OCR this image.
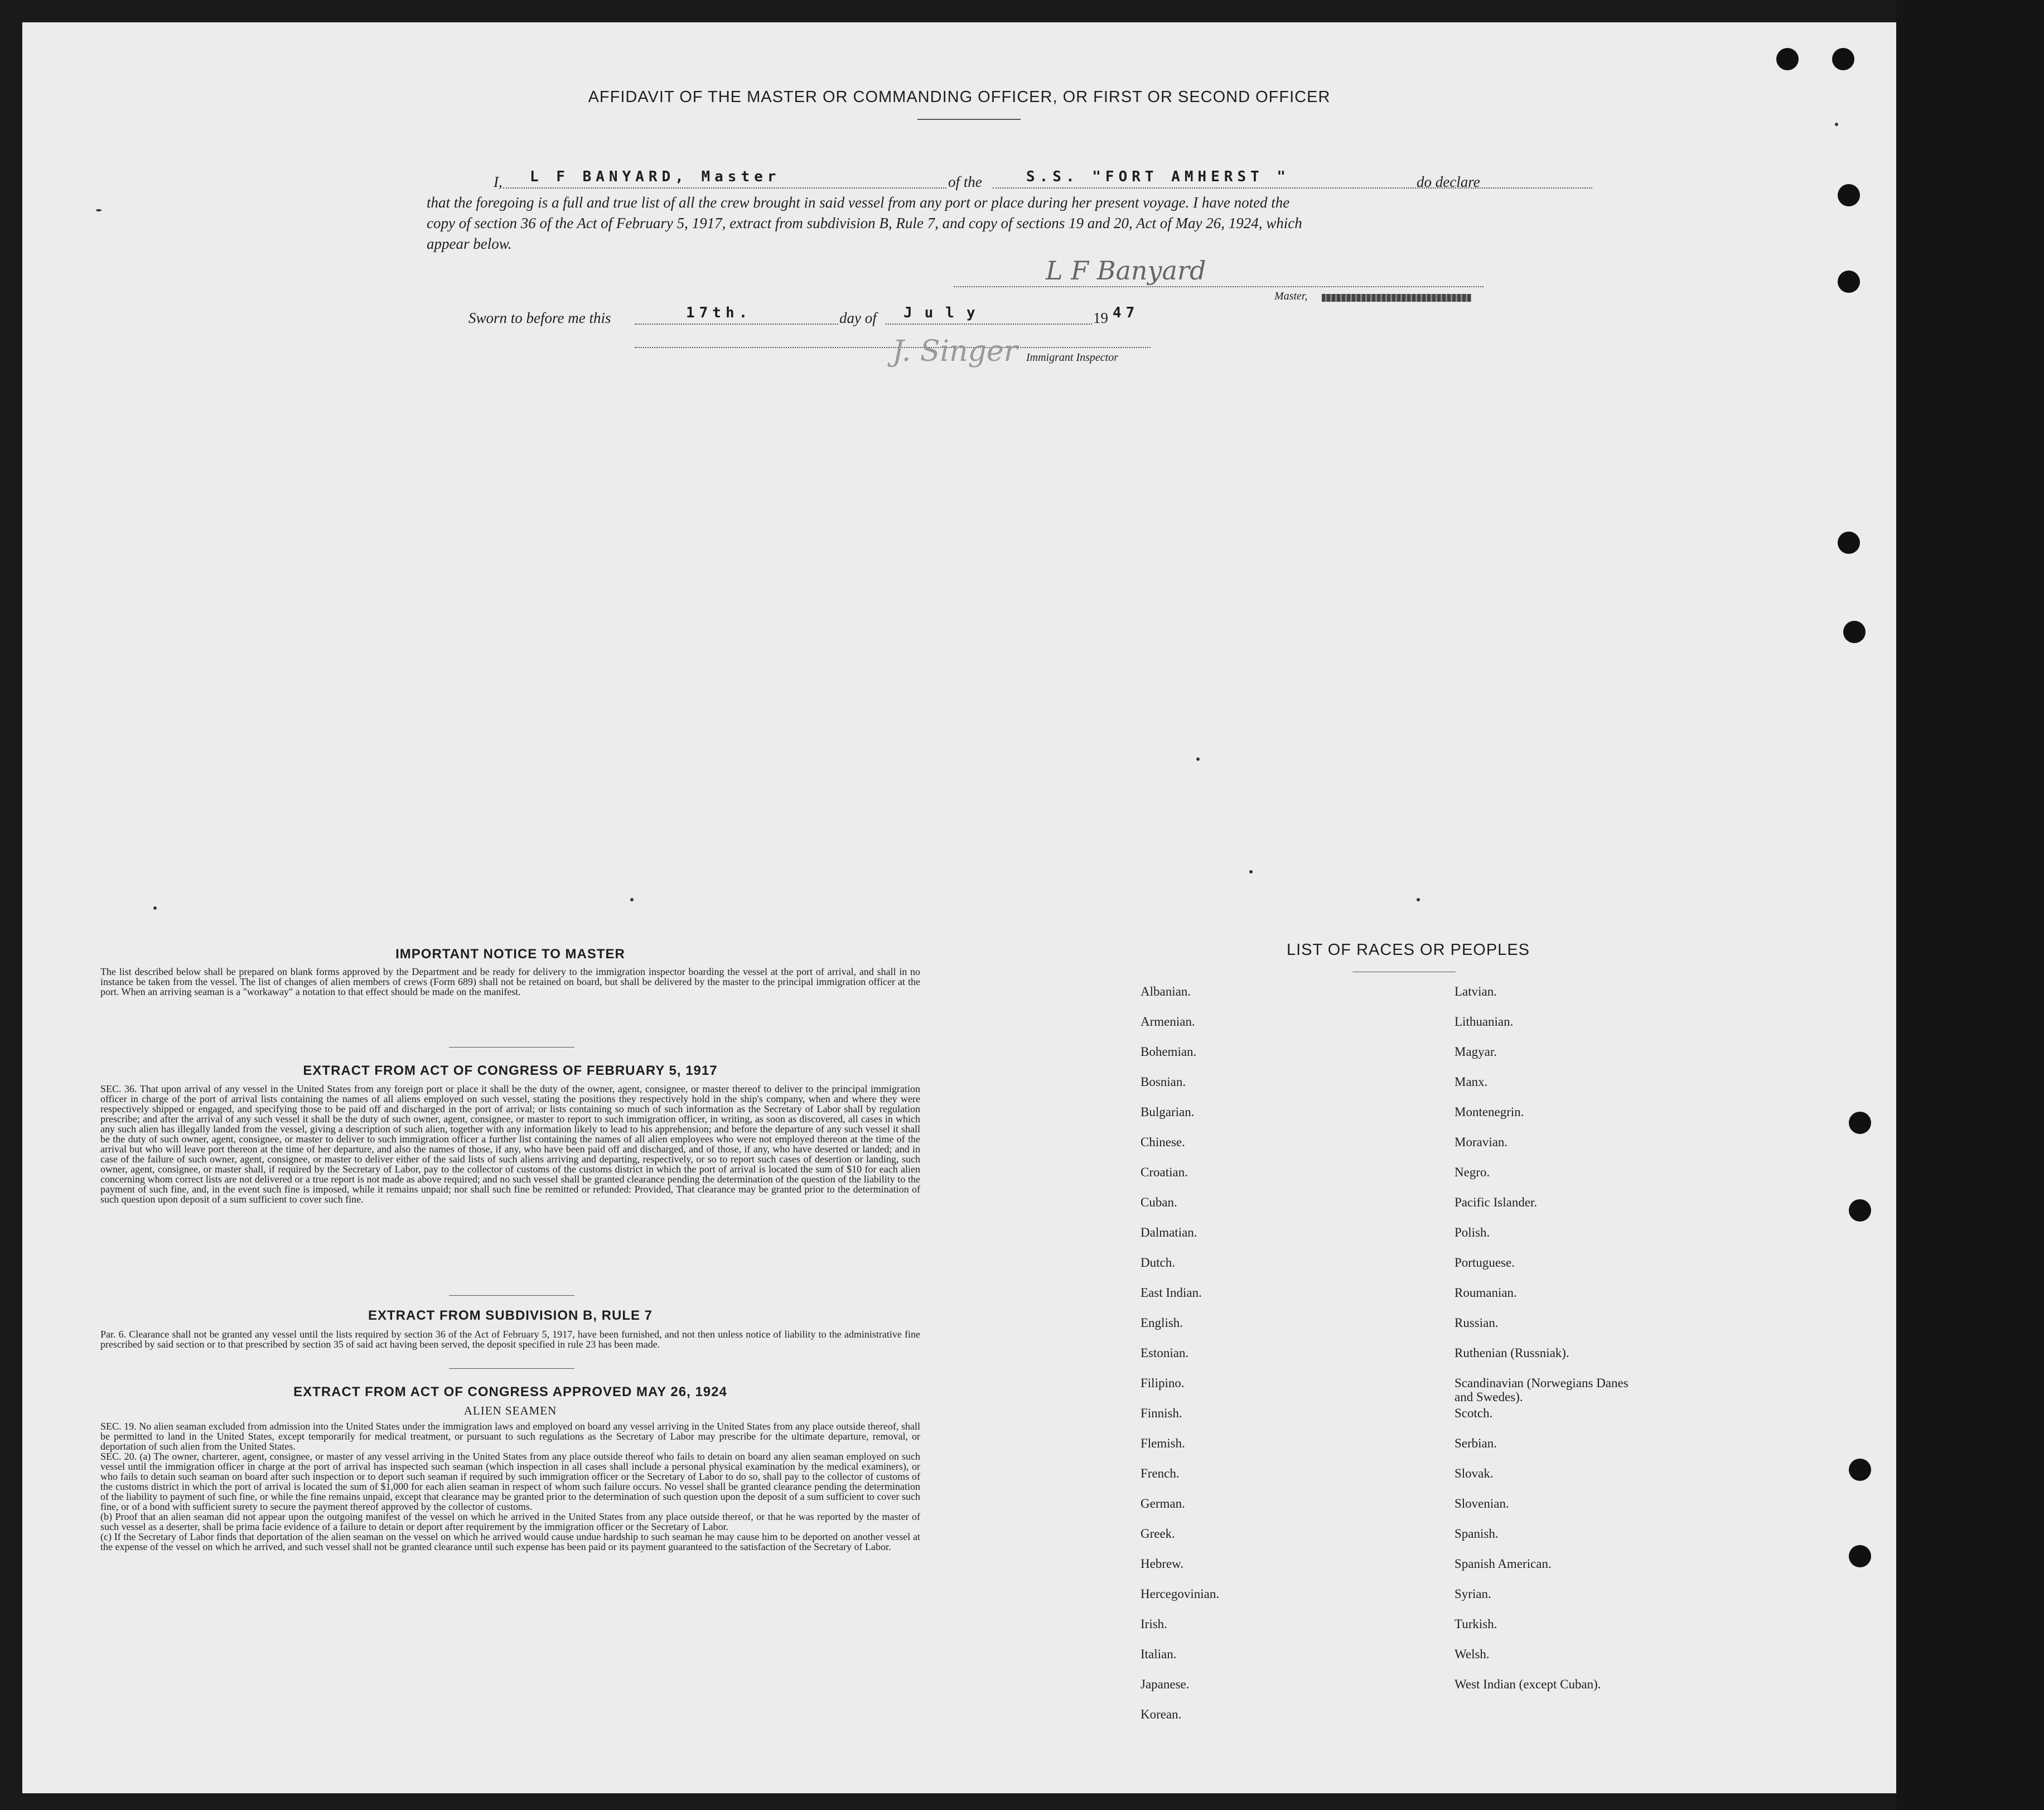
AFFIDAVIT OF THE MASTER OR COMMANDING OFFICER, OR FIRST OR SECOND OFFICER
I, L F BANYARD, Master	of the	S.S. "FORT AMHERST "	do declare
that the foregoing is a full and true list of all the crew brought in said vessel from any port or place during her present voyage. I have noted the
copy of section 36 of the Act of February 5, 1917, extract from subdivision B, Rule 7, and copy of sections 19 and 20, Act of May 26, 1924, which
appear below.
L F Banyard
Master,
Sworn to before me this	17th.	day of July	19 47
J. Singer Immigrant Inspector
IMPORTANT NOTICE TO MASTER
The list described below shall be prepared on blank forms approved by the Department and be ready for delivery to the immigration inspector boarding the vessel at the port of arrival, and shall in no instance be taken from the vessel. The list of changes of alien members of crews (Form 689) shall not be retained on board, but shall be delivered by the master to the principal immigration officer at the port. When an arriving seaman is a "workaway" a notation to that effect should be made on the manifest.
EXTRACT FROM ACT OF CONGRESS OF FEBRUARY 5, 1917
SEC. 36. That upon arrival of any vessel in the United States from any foreign port or place it shall be the duty of the owner, agent, consignee, or master thereof to deliver to the principal immigration officer in charge of the port of arrival lists containing the names of all aliens employed on such vessel, stating the positions they respectively hold in the ship's company, when and where they were respectively shipped or engaged, and specifying those to be paid off and discharged in the port of arrival; or lists containing so much of such information as the Secretary of Labor shall by regulation prescribe; and after the arrival of any such vessel it shall be the duty of such owner, agent, consignee, or master to report to such immigration officer, in writing, as soon as discovered, all cases in which any such alien has illegally landed from the vessel, giving a description of such alien, together with any information likely to lead to his apprehension; and before the departure of any such vessel it shall be the duty of such owner, agent, consignee, or master to deliver to such immigration officer a further list containing the names of all alien employees who were not employed thereon at the time of the arrival but who will leave port thereon at the time of her departure, and also the names of those, if any, who have been paid off and discharged, and of those, if any, who have deserted or landed; and in case of the failure of such owner, agent, consignee, or master to deliver either of the said lists of such aliens arriving and departing, respectively, or so to report such cases of desertion or landing, such owner, agent, consignee, or master shall, if required by the Secretary of Labor, pay to the collector of customs of the customs district in which the port of arrival is located the sum of $10 for each alien concerning whom correct lists are not delivered or a true report is not made as above required; and no such vessel shall be granted clearance pending the determination of the question of the liability to the payment of such fine, and, in the event such fine is imposed, while it remains unpaid; nor shall such fine be remitted or refunded: Provided, That clearance may be granted prior to the determination of such question upon deposit of a sum sufficient to cover such fine.
EXTRACT FROM SUBDIVISION B, RULE 7
Par. 6. Clearance shall not be granted any vessel until the lists required by section 36 of the Act of February 5, 1917, have been furnished, and not then unless notice of liability to the administrative fine prescribed by said section or to that prescribed by section 35 of said act having been served, the deposit specified in rule 23 has been made.
EXTRACT FROM ACT OF CONGRESS APPROVED MAY 26, 1924
ALIEN SEAMEN
SEC. 19. No alien seaman excluded from admission into the United States under the immigration laws and employed on board any vessel arriving in the United States from any place outside thereof, shall be permitted to land in the United States, except temporarily for medical treatment, or pursuant to such regulations as the Secretary of Labor may prescribe for the ultimate departure, removal, or deportation of such alien from the United States.
SEC. 20. (a) The owner, charterer, agent, consignee, or master of any vessel arriving in the United States from any place outside thereof who fails to detain on board any alien seaman employed on such vessel until the immigration officer in charge at the port of arrival has inspected such seaman (which inspection in all cases shall include a personal physical examination by the medical examiners), or who fails to detain such seaman on board after such inspection or to deport such seaman if required by such immigration officer or the Secretary of Labor to do so, shall pay to the collector of customs of the customs district in which the port of arrival is located the sum of $1,000 for each alien seaman in respect of whom such failure occurs. No vessel shall be granted clearance pending the determination of the liability to payment of such fine, or while the fine remains unpaid, except that clearance may be granted prior to the determination of such question upon the deposit of a sum sufficient to cover such fine, or of a bond with sufficient surety to secure the payment thereof approved by the collector of customs.
(b) Proof that an alien seaman did not appear upon the outgoing manifest of the vessel on which he arrived in the United States from any place outside thereof, or that he was reported by the master of such vessel as a deserter, shall be prima facie evidence of a failure to detain or deport after requirement by the immigration officer or the Secretary of Labor.
(c) If the Secretary of Labor finds that deportation of the alien seaman on the vessel on which he arrived would cause undue hardship to such seaman he may cause him to be deported on another vessel at the expense of the vessel on which he arrived, and such vessel shall not be granted clearance until such expense has been paid or its payment guaranteed to the satisfaction of the Secretary of Labor.
LIST OF RACES OR PEOPLES
Albanian.
Armenian.
Bohemian.
Bosnian.
Bulgarian.
Chinese.
Croatian.
Cuban.
Dalmatian.
Dutch.
East Indian.
English.
Estonian.
Filipino.
Finnish.
Flemish.
French.
German.
Greek.
Hebrew.
Hercegovinian.
Irish.
Italian.
Japanese.
Korean.
Latvian.
Lithuanian.
Magyar.
Manx.
Montenegrin.
Moravian.
Negro.
Pacific Islander.
Polish.
Portuguese.
Roumanian.
Russian.
Ruthenian (Russniak).
Scandinavian (Norwegians Danes and Swedes).
Scotch.
Serbian.
Slovak.
Slovenian.
Spanish.
Spanish American.
Syrian.
Turkish.
Welsh.
West Indian (except Cuban).
